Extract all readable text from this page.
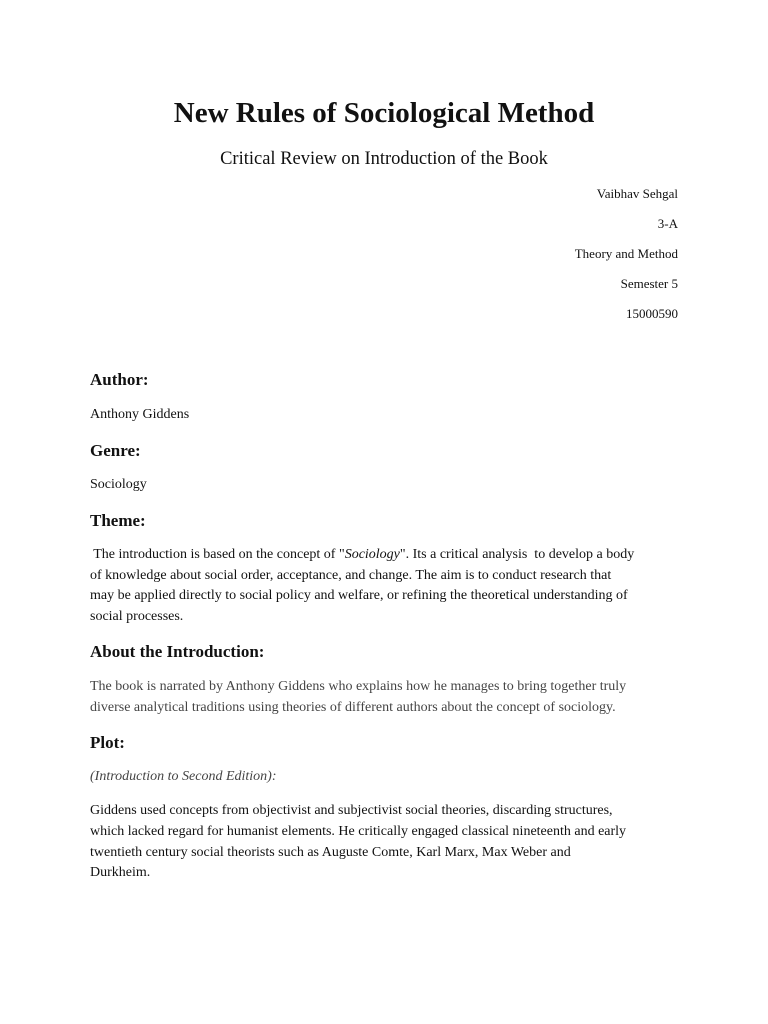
New Rules of Sociological Method

Critical Review on Introduction of the Book

Vaibhav Sehgal
3-A
Theory and Method
Semester 5
15000590
Author:

Anthony Giddens

Genre:

Sociology

Theme:

The introduction is based on the concept of "Sociology". Its a critical analysis  to develop a body

of knowledge about social order, acceptance, and change. The aim is to conduct research that

may be applied directly to social policy and welfare, or refining the theoretical understanding of

social processes.

About the Introduction:

The book is narrated by Anthony Giddens who explains how he manages to bring together truly

diverse analytical traditions using theories of different authors about the concept of sociology.

Plot:

(Introduction to Second Edition):

Giddens used concepts from objectivist and subjectivist social theories, discarding structures,

which lacked regard for humanist elements. He critically engaged classical nineteenth and early

twentieth century social theorists such as Auguste Comte, Karl Marx, Max Weber and

Durkheim.
